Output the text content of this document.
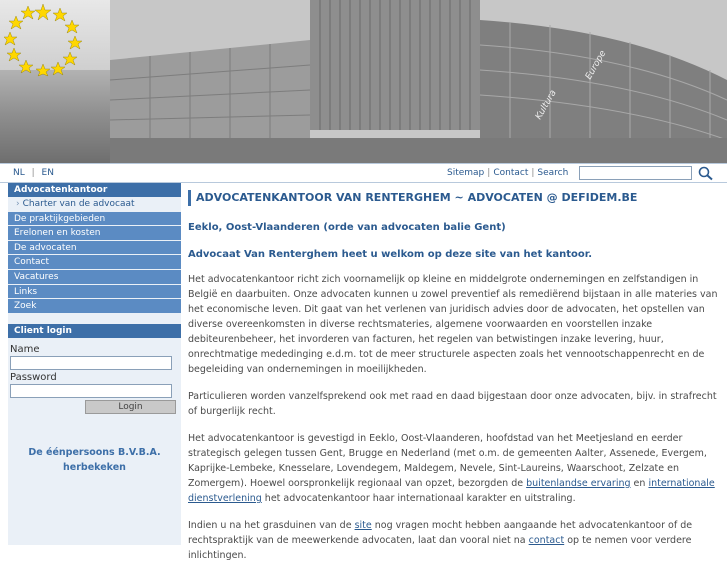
Kultura
Europe
NL | EN	Sitemap | Contact | Search
Advocatenkantoor
› Charter van de advocaat
De praktijkgebieden
Erelonen en kosten
De advocaten
Contact
Vacatures
Links
Zoek
Client login
Name
Password
Login
De éénpersoons B.V.B.A.
herbekeken
ADVOCATENKANTOOR VAN RENTERGHEM ~ ADVOCATEN @ DEFIDEM.BE
Eeklo, Oost-Vlaanderen (orde van advocaten balie Gent)
Advocaat Van Renterghem heet u welkom op deze site van het kantoor.
Het advocatenkantoor richt zich voornamelijk op kleine en middelgrote ondernemingen en zelfstandigen in België en daarbuiten. Onze advocaten kunnen u zowel preventief als remediërend bijstaan in alle materies van het economische leven. Dit gaat van het verlenen van juridisch advies door de advocaten, het opstellen van diverse overeenkomsten in diverse rechtsmateries, algemene voorwaarden en voorstellen inzake debiteurenbeheer, het invorderen van facturen, het regelen van betwistingen inzake levering, huur, onrechtmatige mededinging e.d.m. tot de meer structurele aspecten zoals het vennootschappenrecht en de begeleiding van ondernemingen in moeilijkheden.
Particulieren worden vanzelfsprekend ook met raad en daad bijgestaan door onze advocaten, bijv. in strafrecht of burgerlijk recht.
Het advocatenkantoor is gevestigd in Eeklo, Oost-Vlaanderen, hoofdstad van het Meetjesland en eerder strategisch gelegen tussen Gent, Brugge en Nederland (met o.m. de gemeenten Aalter, Assenede, Evergem, Kaprijke-Lembeke, Knesselare, Lovendegem, Maldegem, Nevele, Sint-Laureins, Waarschoot, Zelzate en Zomergem). Hoewel oorspronkelijk regionaal van opzet, bezorgden de buitenlandse ervaring en internationale dienstverlening het advocatenkantoor haar internationaal karakter en uitstraling.
Indien u na het grasduinen van de site nog vragen mocht hebben aangaande het advocatenkantoor of de rechtspraktijk van de meewerkende advocaten, laat dan vooral niet na contact op te nemen voor verdere inlichtingen.
